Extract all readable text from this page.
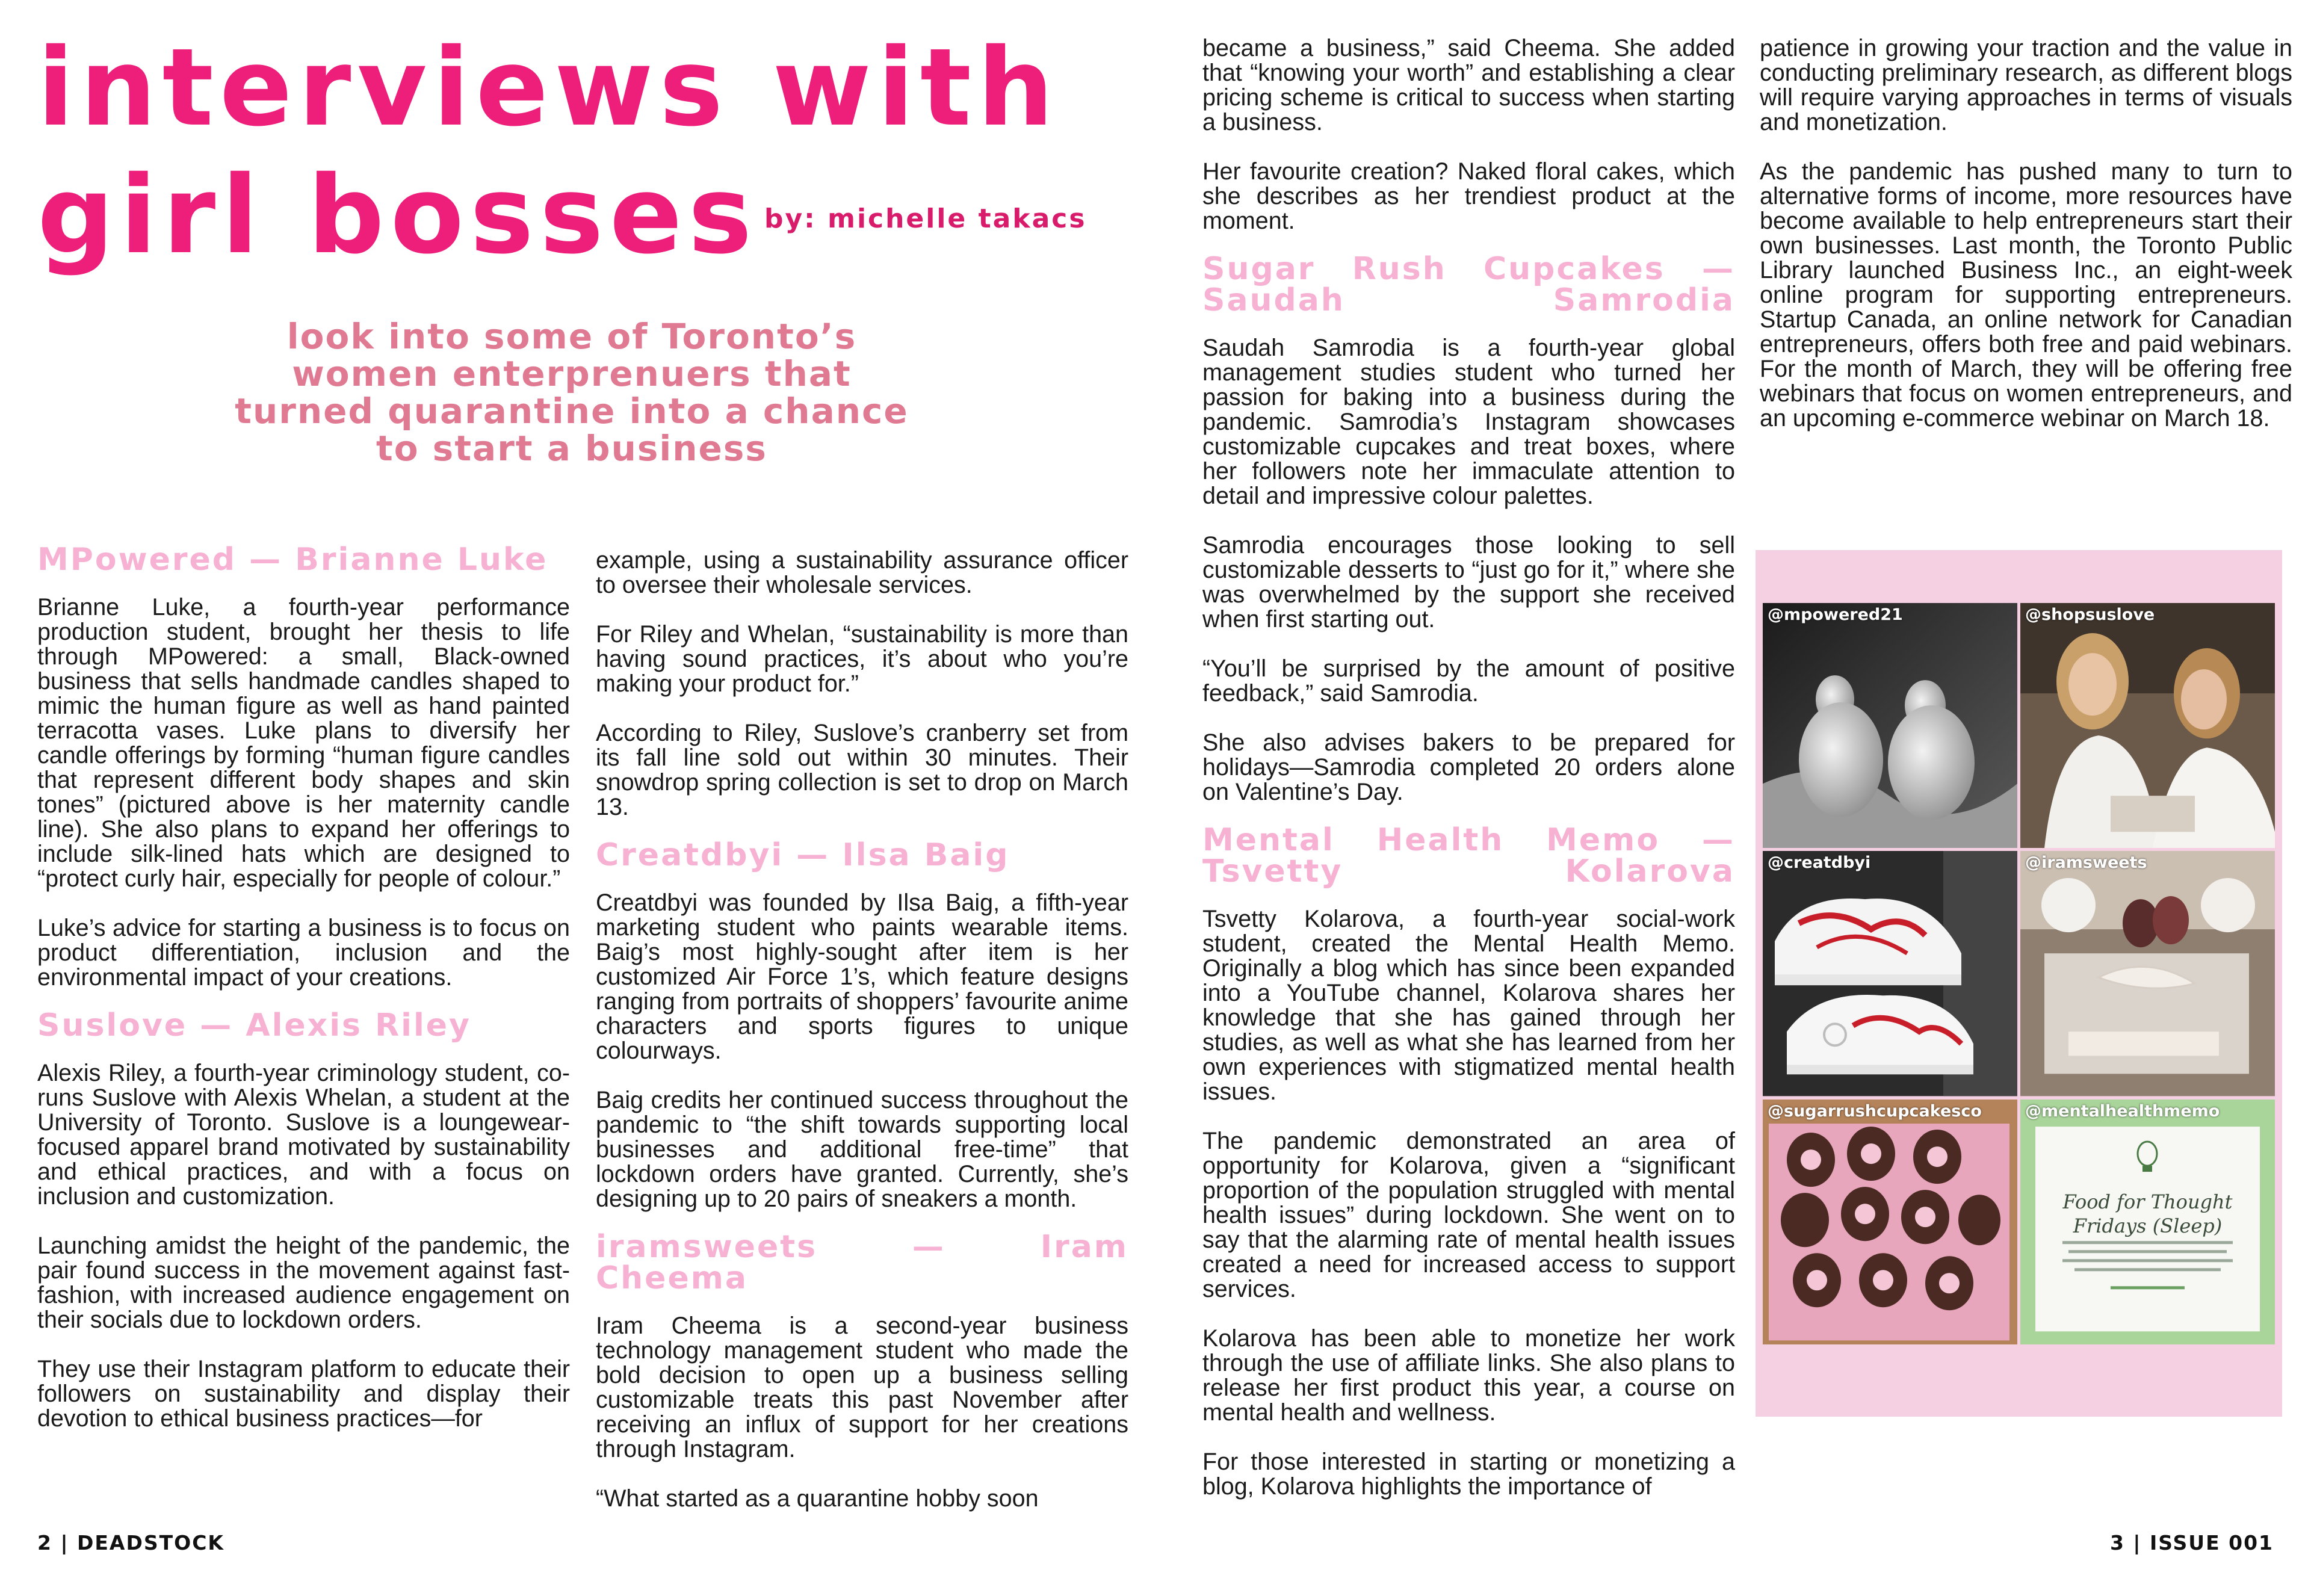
interviews with
girl bosses by: michelle takacs

look into some of Toronto’s women enterprenuers that turned quarantine into a chance to start a business

MPowered — Brianne Luke

Brianne Luke, a fourth-year performance production student, brought her thesis to life through MPowered: a small, Black-owned business that sells handmade candles shaped to mimic the human figure as well as hand painted terracotta vases. Luke plans to diversify her candle offerings by forming “human figure candles that represent different body shapes and skin tones” (pictured above is her maternity candle line). She also plans to expand her offerings to include silk-lined hats which are designed to “protect curly hair, especially for people of colour.”

Luke’s advice for starting a business is to focus on product differentiation, inclusion and the environmental impact of your creations.

Suslove — Alexis Riley

Alexis Riley, a fourth-year criminology student, co-runs Suslove with Alexis Whelan, a student at the University of Toronto. Suslove is a loungewear-focused apparel brand motivated by sustainability and ethical practices, and with a focus on inclusion and customization.

Launching amidst the height of the pandemic, the pair found success in the movement against fast-fashion, with increased audience engagement on their socials due to lockdown orders.

They use their Instagram platform to educate their followers on sustainability and display their devotion to ethical business practices—for

example, using a sustainability assurance officer to oversee their wholesale services.

For Riley and Whelan, “sustainability is more than having sound practices, it’s about who you’re making your product for.”

According to Riley, Suslove’s cranberry set from its fall line sold out within 30 minutes. Their snowdrop spring collection is set to drop on March 13.

Creatdbyi — Ilsa Baig

Creatdbyi was founded by Ilsa Baig, a fifth-year marketing student who paints wearable items. Baig’s most highly-sought after item is her customized Air Force 1’s, which feature designs ranging from portraits of shoppers’ favourite anime characters and sports figures to unique colourways.

Baig credits her continued success throughout the pandemic to “the shift towards supporting local businesses and additional free-time” that lockdown orders have granted. Currently, she’s designing up to 20 pairs of sneakers a month.

iramsweets — Iram Cheema

Iram Cheema is a second-year business technology management student who made the bold decision to open up a business selling customizable treats this past November after receiving an influx of support for her creations through Instagram.

“What started as a quarantine hobby soon

2 | DEADSTOCK

became a business,” said Cheema. She added that “knowing your worth” and establishing a clear pricing scheme is critical to success when starting a business.

Her favourite creation? Naked floral cakes, which she describes as her trendiest product at the moment.

Sugar Rush Cupcakes — Saudah Samrodia

Saudah Samrodia is a fourth-year global management studies student who turned her passion for baking into a business during the pandemic. Samrodia’s Instagram showcases customizable cupcakes and treat boxes, where her followers note her immaculate attention to detail and impressive colour palettes.

Samrodia encourages those looking to sell customizable desserts to “just go for it,” where she was overwhelmed by the support she received when first starting out.

“You’ll be surprised by the amount of positive feedback,” said Samrodia.

She also advises bakers to be prepared for holidays—Samrodia completed 20 orders alone on Valentine’s Day.

Mental Health Memo — Tsvetty Kolarova

Tsvetty Kolarova, a fourth-year social-work student, created the Mental Health Memo. Originally a blog which has since been expanded into a YouTube channel, Kolarova shares her knowledge that she has gained through her studies, as well as what she has learned from her own experiences with stigmatized mental health issues.

The pandemic demonstrated an area of opportunity for Kolarova, given a “significant proportion of the population struggled with mental health issues” during lockdown. She went on to say that the alarming rate of mental health issues created a need for increased access to support services.

Kolarova has been able to monetize her work through the use of affiliate links. She also plans to release her first product this year, a course on mental health and wellness.

For those interested in starting or monetizing a blog, Kolarova highlights the importance of

patience in growing your traction and the value in conducting preliminary research, as different blogs will require varying approaches in terms of visuals and monetization.

As the pandemic has pushed many to turn to alternative forms of income, more resources have become available to help entrepreneurs start their own businesses. Last month, the Toronto Public Library launched Business Inc., an eight-week online program for supporting entrepreneurs. Startup Canada, an online network for Canadian entrepreneurs, offers both free and paid webinars. For the month of March, they will be offering free webinars that focus on women entrepreneurs, and an upcoming e-commerce webinar on March 18.

3 | ISSUE 001
@mpowered21	@shopsuslove
@creatdbyi	@iramsweets
@sugarrushcupcakesco	@mentalhealthmemo
Food for Thought Fridays (Sleep)
